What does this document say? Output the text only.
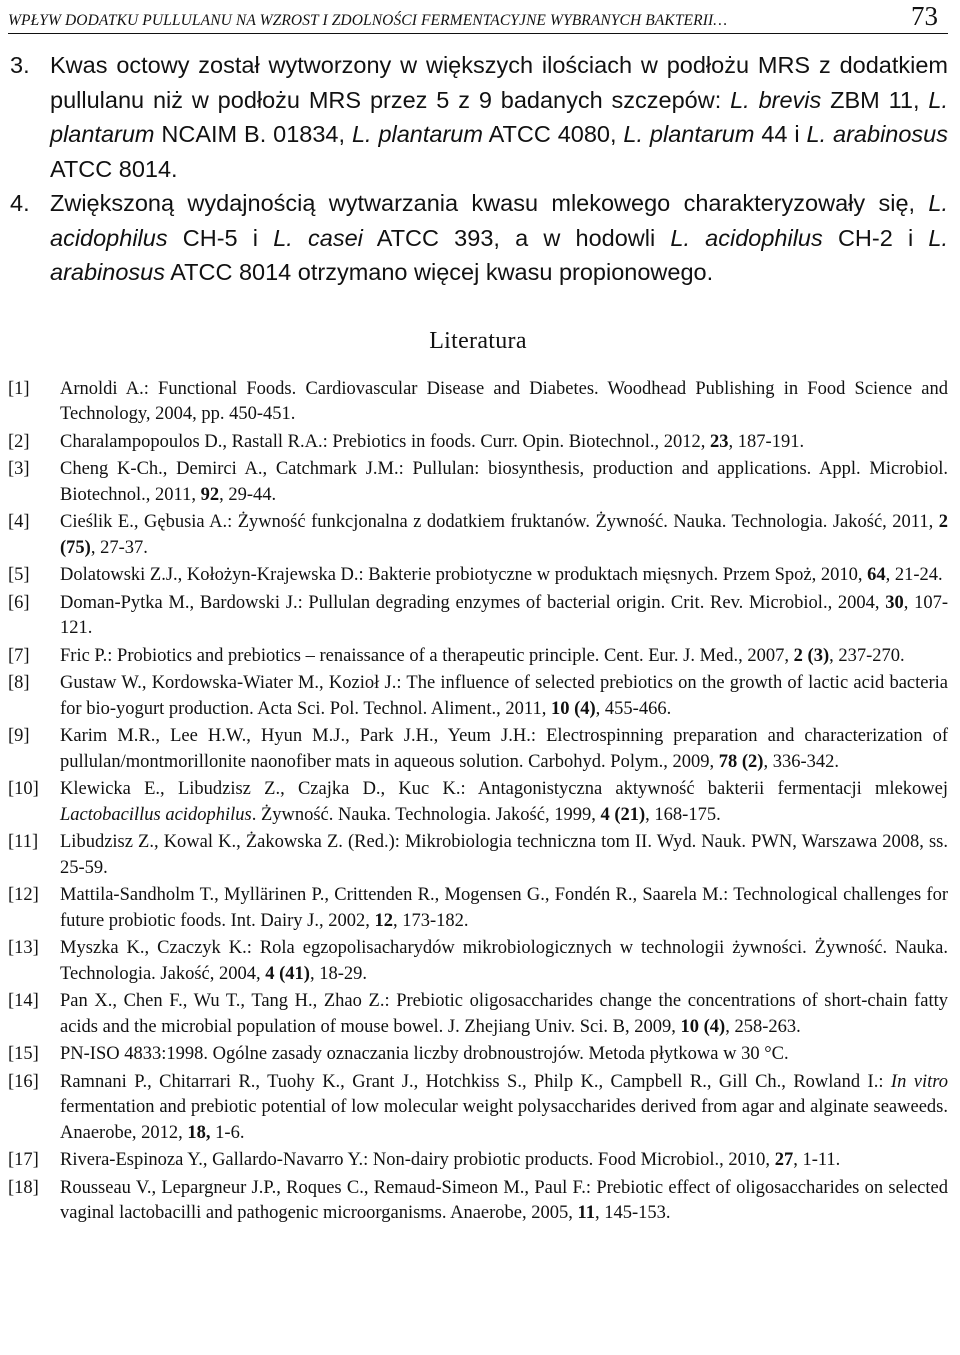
WPŁYW DODATKU PULLULANU NA WZROST I ZDOLNOŚCI FERMENTACYJNE WYBRANYCH BAKTERII…	73
3. Kwas octowy został wytworzony w większych ilościach w podłożu MRS z dodatkiem pullulanu niż w podłożu MRS przez 5 z 9 badanych szczepów: L. brevis ZBM 11, L. plantarum NCAIM B. 01834, L. plantarum ATCC 4080, L. plantarum 44 i L. arabinosus ATCC 8014.
4. Zwiększoną wydajnością wytwarzania kwasu mlekowego charakteryzowały się, L. acidophilus CH-5 i L. casei ATCC 393, a w hodowli L. acidophilus CH-2 i L. arabinosus ATCC 8014 otrzymano więcej kwasu propionowego.
Literatura
[1] Arnoldi A.: Functional Foods. Cardiovascular Disease and Diabetes. Woodhead Publishing in Food Science and Technology, 2004, pp. 450-451.
[2] Charalampopoulos D., Rastall R.A.: Prebiotics in foods. Curr. Opin. Biotechnol., 2012, 23, 187-191.
[3] Cheng K-Ch., Demirci A., Catchmark J.M.: Pullulan: biosynthesis, production and applications. Appl. Microbiol. Biotechnol., 2011, 92, 29-44.
[4] Cieślik E., Gębusia A.: Żywność funkcjonalna z dodatkiem fruktanów. Żywność. Nauka. Technologia. Jakość, 2011, 2 (75), 27-37.
[5] Dolatowski Z.J., Kołożyn-Krajewska D.: Bakterie probiotyczne w produktach mięsnych. Przem Spoż, 2010, 64, 21-24.
[6] Doman-Pytka M., Bardowski J.: Pullulan degrading enzymes of bacterial origin. Crit. Rev. Microbiol., 2004, 30, 107-121.
[7] Fric P.: Probiotics and prebiotics – renaissance of a therapeutic principle. Cent. Eur. J. Med., 2007, 2 (3), 237-270.
[8] Gustaw W., Kordowska-Wiater M., Kozioł J.: The influence of selected prebiotics on the growth of lactic acid bacteria for bio-yogurt production. Acta Sci. Pol. Technol. Aliment., 2011, 10 (4), 455-466.
[9] Karim M.R., Lee H.W., Hyun M.J., Park J.H., Yeum J.H.: Electrospinning preparation and characterization of pullulan/montmorillonite naonofiber mats in aqueous solution. Carbohyd. Polym., 2009, 78 (2), 336-342.
[10] Klewicka E., Libudzisz Z., Czajka D., Kuc K.: Antagonistyczna aktywność bakterii fermentacji mlekowej Lactobacillus acidophilus. Żywność. Nauka. Technologia. Jakość, 1999, 4 (21), 168-175.
[11] Libudzisz Z., Kowal K., Żakowska Z. (Red.): Mikrobiologia techniczna tom II. Wyd. Nauk. PWN, Warszawa 2008, ss. 25-59.
[12] Mattila-Sandholm T., Myllärinen P., Crittenden R., Mogensen G., Fondén R., Saarela M.: Technological challenges for future probiotic foods. Int. Dairy J., 2002, 12, 173-182.
[13] Myszka K., Czaczyk K.: Rola egzopolisacharydów mikrobiologicznych w technologii żywności. Żywność. Nauka. Technologia. Jakość, 2004, 4 (41), 18-29.
[14] Pan X., Chen F., Wu T., Tang H., Zhao Z.: Prebiotic oligosaccharides change the concentrations of short-chain fatty acids and the microbial population of mouse bowel. J. Zhejiang Univ. Sci. B, 2009, 10 (4), 258-263.
[15] PN-ISO 4833:1998. Ogólne zasady oznaczania liczby drobnoustrojów. Metoda płytkowa w 30 °C.
[16] Ramnani P., Chitarrari R., Tuohy K., Grant J., Hotchkiss S., Philp K., Campbell R., Gill Ch., Rowland I.: In vitro fermentation and prebiotic potential of low molecular weight polysaccharides derived from agar and alginate seaweeds. Anaerobe, 2012, 18, 1-6.
[17] Rivera-Espinoza Y., Gallardo-Navarro Y.: Non-dairy probiotic products. Food Microbiol., 2010, 27, 1-11.
[18] Rousseau V., Lepargneur J.P., Roques C., Remaud-Simeon M., Paul F.: Prebiotic effect of oligosaccharides on selected vaginal lactobacilli and pathogenic microorganisms. Anaerobe, 2005, 11, 145-153.
